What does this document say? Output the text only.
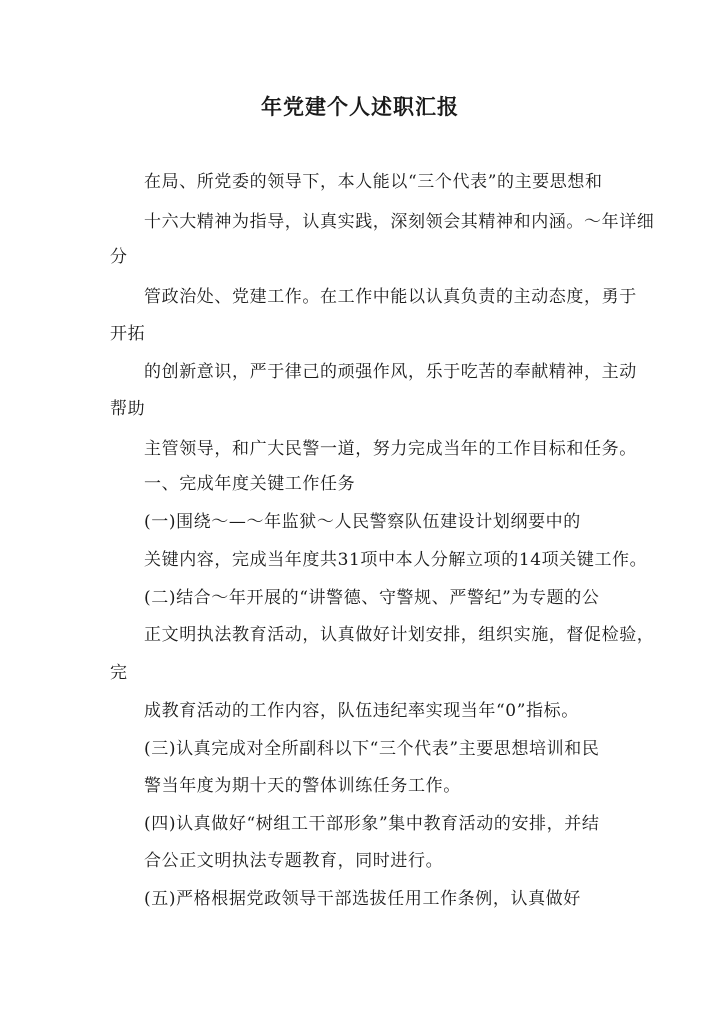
年党建个人述职汇报
在局、所党委的领导下，本人能以“三个代表”的主要思想和
十六大精神为指导，认真实践，深刻领会其精神和内涵。～年详细
分
管政治处、党建工作。在工作中能以认真负责的主动态度，勇于
开拓
的创新意识，严于律己的顽强作风，乐于吃苦的奉献精神，主动
帮助
主管领导，和广大民警一道，努力完成当年的工作目标和任务。
一、完成年度关键工作任务
(一)围绕～—～年监狱～人民警察队伍建设计划纲要中的
关键内容，完成当年度共31项中本人分解立项的14项关键工作。
(二)结合～年开展的“讲警德、守警规、严警纪”为专题的公
正文明执法教育活动，认真做好计划安排，组织实施，督促检验，
完
成教育活动的工作内容，队伍违纪率实现当年“0”指标。
(三)认真完成对全所副科以下“三个代表”主要思想培训和民
警当年度为期十天的警体训练任务工作。
(四)认真做好“树组工干部形象”集中教育活动的安排，并结
合公正文明执法专题教育，同时进行。
(五)严格根据党政领导干部选拔任用工作条例，认真做好
